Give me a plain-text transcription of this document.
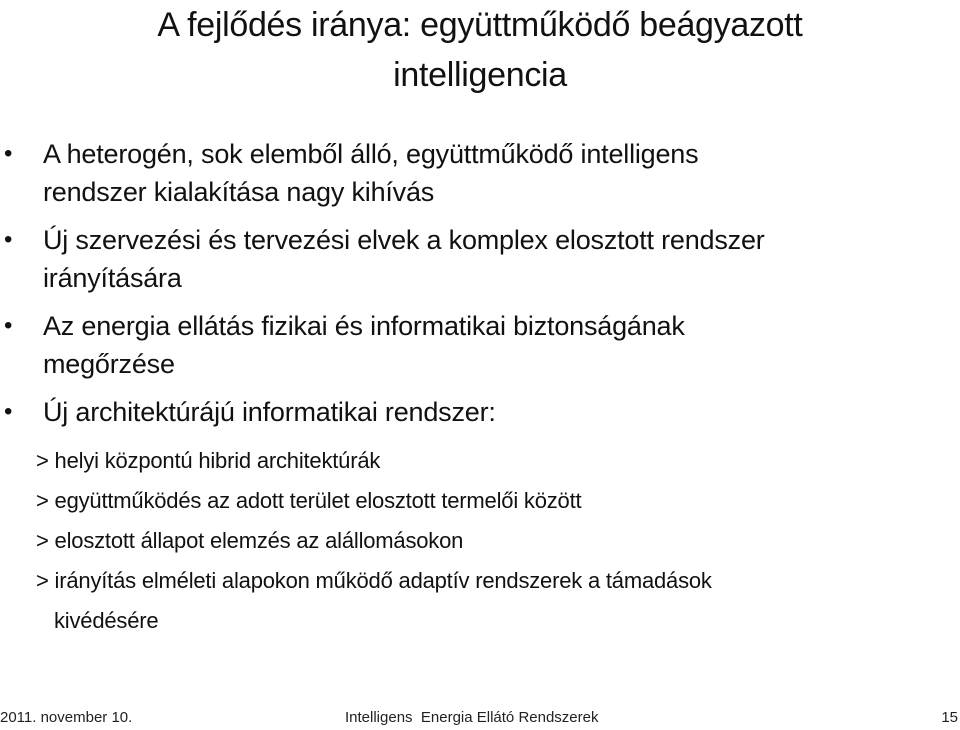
A fejlődés iránya: együttműködő beágyazott
intelligencia
• A heterogén, sok elemből álló, együttműködő intelligens
rendszer kialakítása nagy kihívás
• Új szervezési és tervezési elvek a komplex elosztott rendszer
irányítására
• Az energia ellátás fizikai és informatikai biztonságának
megőrzése
• Új architektúrájú informatikai rendszer:
> helyi központú hibrid architektúrák
> együttműködés az adott terület elosztott termelői között
> elosztott állapot elemzés az alállomásokon
> irányítás elméleti alapokon működő adaptív rendszerek a támadások
kivédésére
2011. november 10.	Intelligens  Energia Ellátó Rendszerek	15
